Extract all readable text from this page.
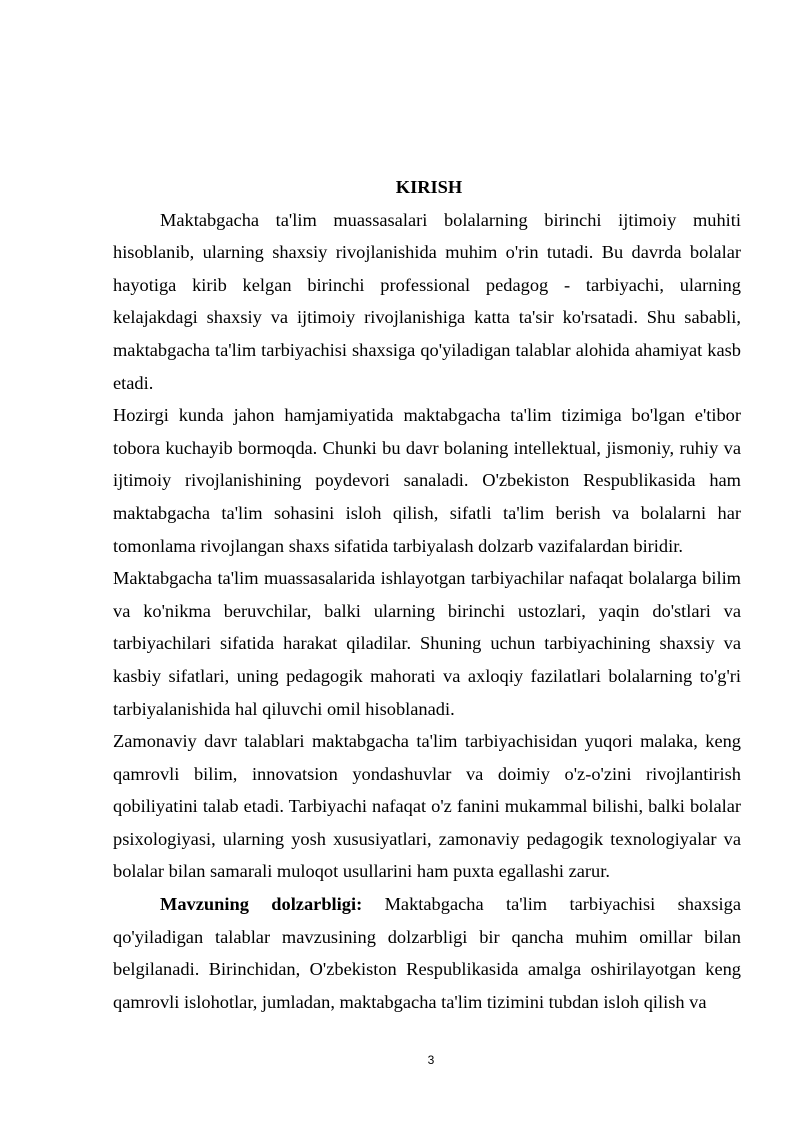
KIRISH

Maktabgacha ta'lim muassasalari bolalarning birinchi ijtimoiy muhiti hisoblanib, ularning shaxsiy rivojlanishida muhim o'rin tutadi. Bu davrda bolalar hayotiga kirib kelgan birinchi professional pedagog - tarbiyachi, ularning kelajakdagi shaxsiy va ijtimoiy rivojlanishiga katta ta'sir ko'rsatadi. Shu sababli, maktabgacha ta'lim tarbiyachisi shaxsiga qo'yiladigan talablar alohida ahamiyat kasb etadi.

Hozirgi kunda jahon hamjamiyatida maktabgacha ta'lim tizimiga bo'lgan e'tibor tobora kuchayib bormoqda. Chunki bu davr bolaning intellektual, jismoniy, ruhiy va ijtimoiy rivojlanishining poydevori sanaladi. O'zbekiston Respublikasida ham maktabgacha ta'lim sohasini isloh qilish, sifatli ta'lim berish va bolalarni har tomonlama rivojlangan shaxs sifatida tarbiyalash dolzarb vazifalardan biridir.

Maktabgacha ta'lim muassasalarida ishlayotgan tarbiyachilar nafaqat bolalarga bilim va ko'nikma beruvchilar, balki ularning birinchi ustozlari, yaqin do'stlari va tarbiyachilari sifatida harakat qiladilar. Shuning uchun tarbiyachining shaxsiy va kasbiy sifatlari, uning pedagogik mahorati va axloqiy fazilatlari bolalarning to'g'ri tarbiyalanishida hal qiluvchi omil hisoblanadi.

Zamonaviy davr talablari maktabgacha ta'lim tarbiyachisidan yuqori malaka, keng qamrovli bilim, innovatsion yondashuvlar va doimiy o'z-o'zini rivojlantirish qobiliyatini talab etadi. Tarbiyachi nafaqat o'z fanini mukammal bilishi, balki bolalar psixologiyasi, ularning yosh xususiyatlari, zamonaviy pedagogik texnologiyalar va bolalar bilan samarali muloqot usullarini ham puxta egallashi zarur.

Mavzuning dolzarbligi: Maktabgacha ta'lim tarbiyachisi shaxsiga qo'yiladigan talablar mavzusining dolzarbligi bir qancha muhim omillar bilan belgilanadi. Birinchidan, O'zbekiston Respublikasida amalga oshirilayotgan keng qamrovli islohotlar, jumladan, maktabgacha ta'lim tizimini tubdan isloh qilish va

3
